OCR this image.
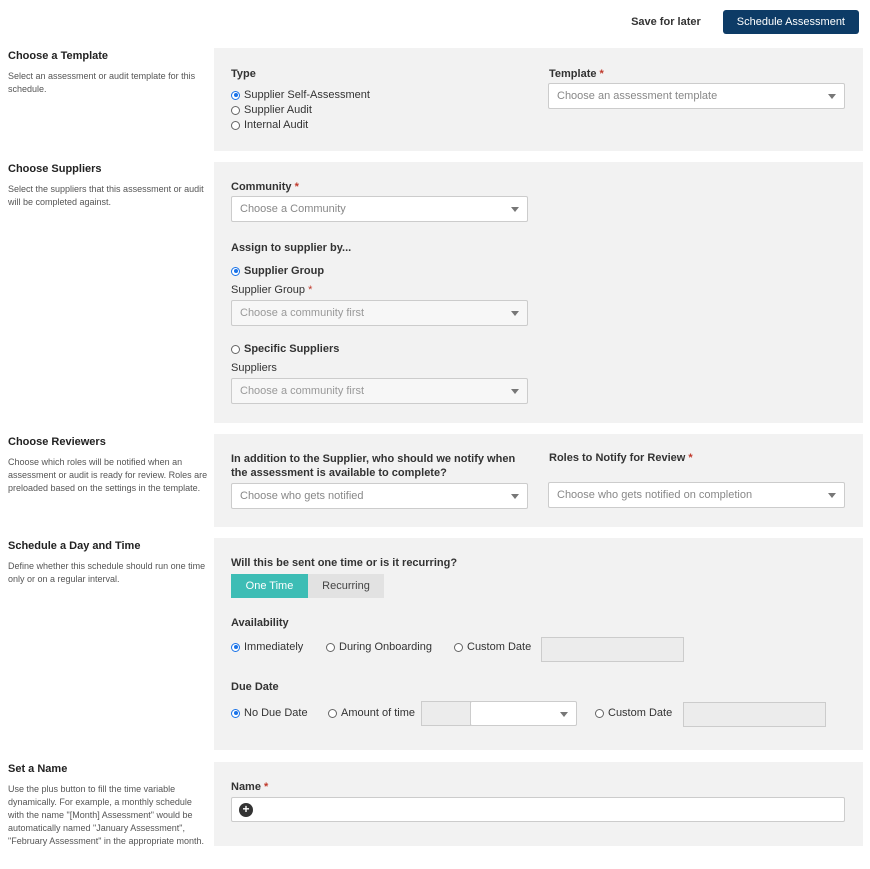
Save for later	Schedule Assessment
Choose a Template

Select an assessment or audit template for this schedule.

Type
Supplier Self-Assessment
Supplier Audit
Internal Audit
Template *
Choose an assessment template
Choose Suppliers

Select the suppliers that this assessment or audit will be completed against.

Community *
Choose a Community
Assign to supplier by...
Supplier Group
Supplier Group *
Choose a community first
Specific Suppliers
Suppliers
Choose a community first
Choose Reviewers

Choose which roles will be notified when an assessment or audit is ready for review. Roles are preloaded based on the settings in the template.

In addition to the Supplier, who should we notify when the assessment is available to complete?
Choose who gets notified
Roles to Notify for Review *
Choose who gets notified on completion
Schedule a Day and Time

Define whether this schedule should run one time only or on a regular interval.

Will this be sent one time or is it recurring?
One Time	Recurring
Availability
Immediately	During Onboarding	Custom Date
Due Date
No Due Date	Amount of time	Custom Date
Set a Name

Use the plus button to fill the time variable dynamically. For example, a monthly schedule with the name "[Month] Assessment" would be automatically named "January Assessment", "February Assessment" in the appropriate month.

Name *
+
